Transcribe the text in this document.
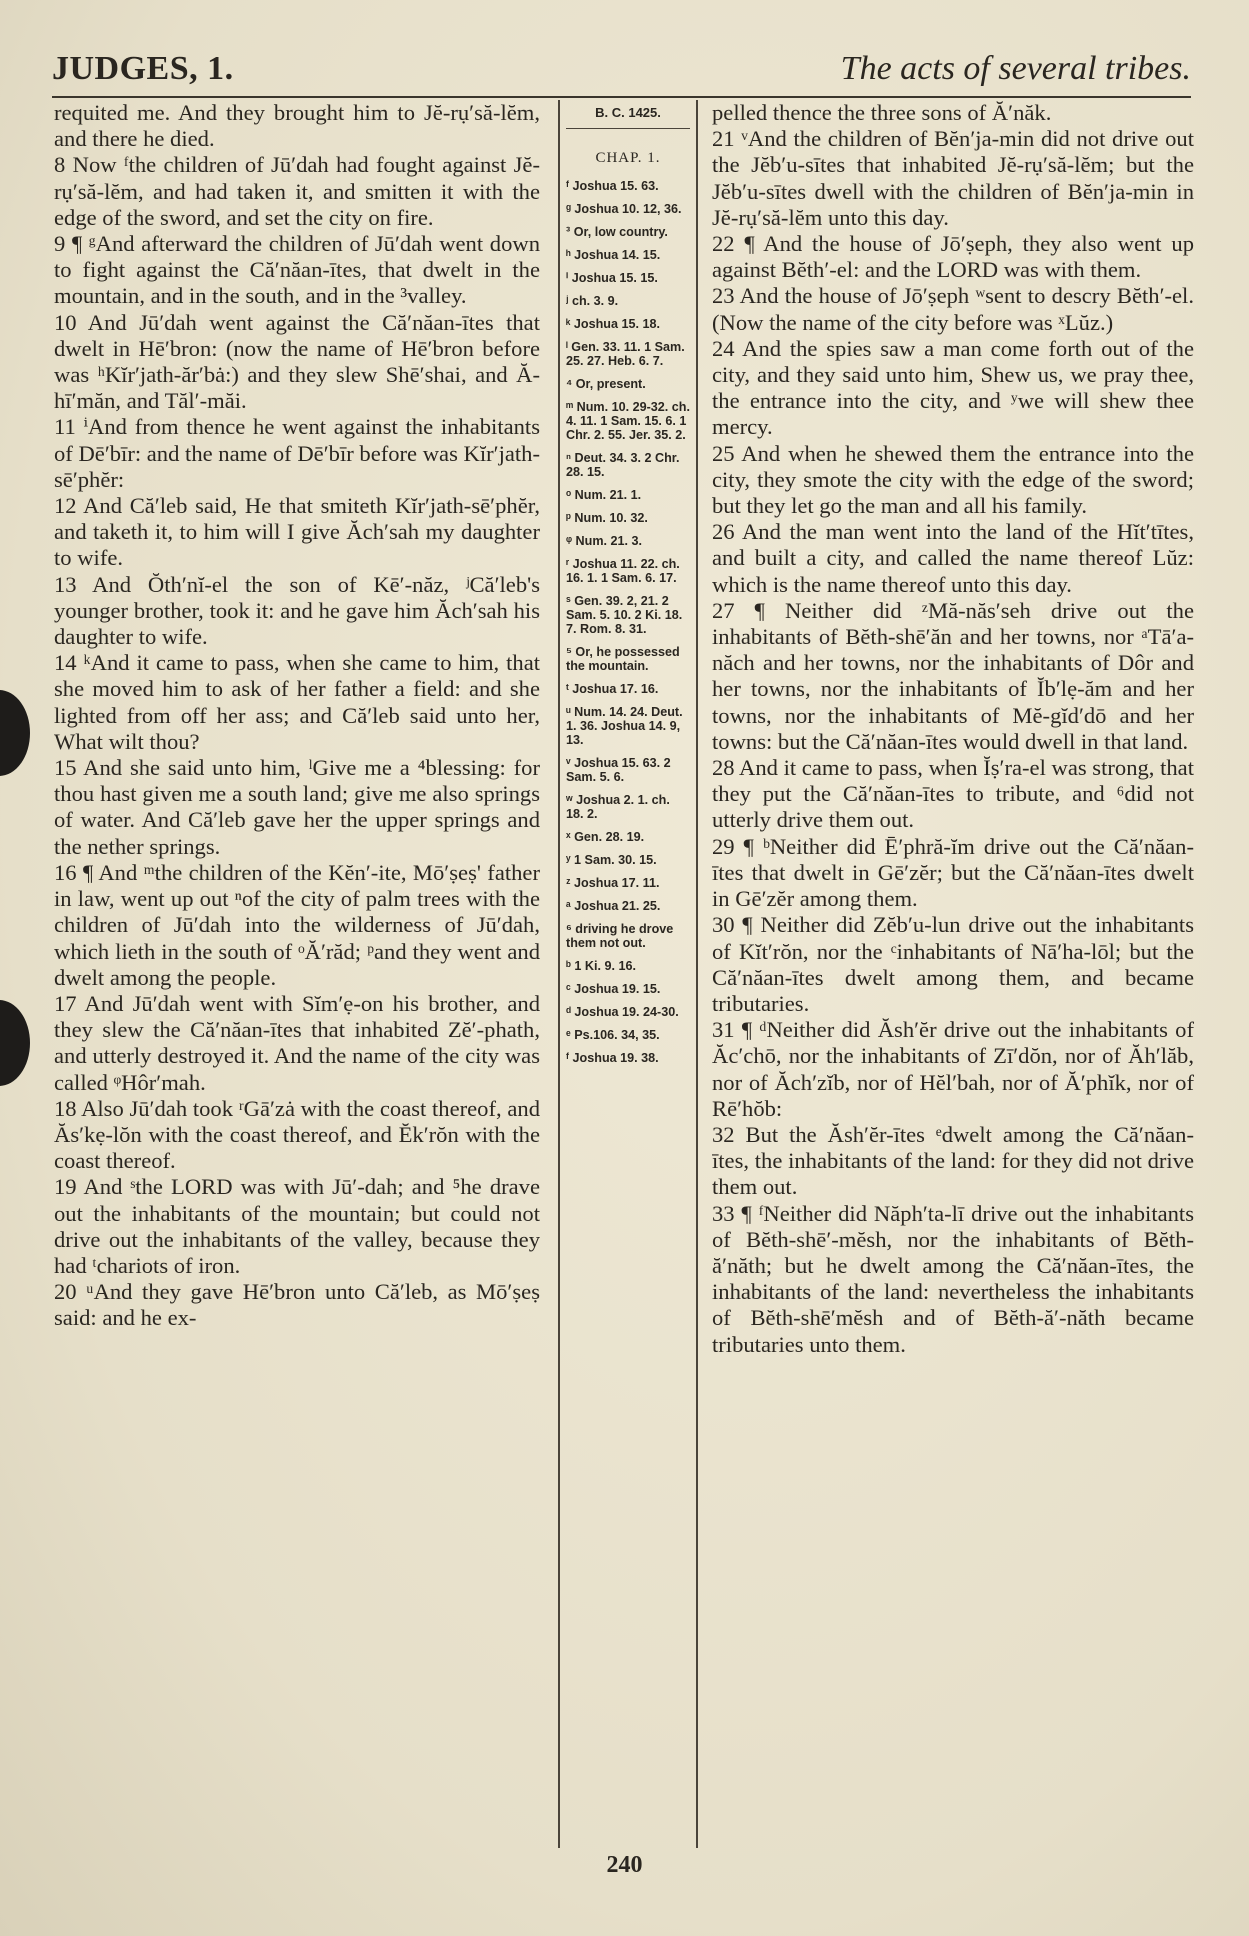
JUDGES, 1.	The acts of several tribes.

requited me. And they brought him to Jĕ-rụ′să-lĕm, and there he died.

8 Now ᶠthe children of Jū′dah had fought against Jĕ-rụ′să-lĕm, and had taken it, and smitten it with the edge of the sword, and set the city on fire.

9 ¶ ᵍAnd afterward the children of Jū′dah went down to fight against the Că′năan-ītes, that dwelt in the mountain, and in the south, and in the ³valley.

10 And Jū′dah went against the Că′năan-ītes that dwelt in Hē′bron: (now the name of Hē′bron before was ʰKĭr′jath-ăr′bȧ:) and they slew Shē′shai, and Ă-hī′măn, and Tăl′-măi.

11 ⁱAnd from thence he went against the inhabitants of Dē′bīr: and the name of Dē′bīr before was Kĭr′jath-sē′phĕr:

12 And Că′leb said, He that smiteth Kĭr′jath-sē′phĕr, and taketh it, to him will I give Ăch′sah my daughter to wife.

13 And Ŏth′nĭ-el the son of Kē′-năz, ʲCă′leb's younger brother, took it: and he gave him Ăch′sah his daughter to wife.

14 ᵏAnd it came to pass, when she came to him, that she moved him to ask of her father a field: and she lighted from off her ass; and Că′leb said unto her, What wilt thou?

15 And she said unto him, ˡGive me a ⁴blessing: for thou hast given me a south land; give me also springs of water. And Că′leb gave her the upper springs and the nether springs.

16 ¶ And ᵐthe children of the Kĕn′-ite, Mō′ṣeṣ' father in law, went up out ⁿof the city of palm trees with the children of Jū′dah into the wilderness of Jū′dah, which lieth in the south of ᵒĂ′răd; ᵖand they went and dwelt among the people.

17 And Jū′dah went with Sĭm′ẹ-on his brother, and they slew the Că′năan-ītes that inhabited Zĕ′-phath, and utterly destroyed it. And the name of the city was called ᵠHôr′mah.

18 Also Jū′dah took ʳGā′zȧ with the coast thereof, and Ăs′kẹ-lŏn with the coast thereof, and Ĕk′rŏn with the coast thereof.

19 And ˢthe LORD was with Jū′-dah; and ⁵he drave out the inhabitants of the mountain; but could not drive out the inhabitants of the valley, because they had ᵗchariots of iron.

20 ᵘAnd they gave Hē′bron unto Că′leb, as Mō′ṣeṣ said: and he ex-

B. C. 1425.
CHAP. 1.
ᶠ Joshua 15. 63.
ᵍ Joshua 10. 12, 36.
³ Or, low country.
ʰ Joshua 14. 15.
ⁱ Joshua 15. 15.
ʲ ch. 3. 9.
ᵏ Joshua 15. 18.
ˡ Gen. 33. 11. 1 Sam. 25. 27. Heb. 6. 7.
⁴ Or, present.
ᵐ Num. 10. 29-32. ch. 4. 11. 1 Sam. 15. 6. 1 Chr. 2. 55. Jer. 35. 2.
ⁿ Deut. 34. 3. 2 Chr. 28. 15.
ᵒ Num. 21. 1.
ᵖ Num. 10. 32.
ᵠ Num. 21. 3.
ʳ Joshua 11. 22. ch. 16. 1. 1 Sam. 6. 17.
ˢ Gen. 39. 2, 21. 2 Sam. 5. 10. 2 Ki. 18. 7. Rom. 8. 31.
⁵ Or, he possessed the mountain.
ᵗ Joshua 17. 16.
ᵘ Num. 14. 24. Deut. 1. 36. Joshua 14. 9, 13.
ᵛ Joshua 15. 63. 2 Sam. 5. 6.
ʷ Joshua 2. 1. ch. 18. 2.
ˣ Gen. 28. 19.
ʸ 1 Sam. 30. 15.
ᶻ Joshua 17. 11.
ᵃ Joshua 21. 25.
⁶ driving he drove them not out.
ᵇ 1 Ki. 9. 16.
ᶜ Joshua 19. 15.
ᵈ Joshua 19. 24-30.
ᵉ Ps.106. 34, 35.
ᶠ Joshua 19. 38.

pelled thence the three sons of Ă′năk.

21 ᵛAnd the children of Bĕn′ja-min did not drive out the Jĕb′u-sītes that inhabited Jĕ-rụ′să-lĕm; but the Jĕb′u-sītes dwell with the children of Bĕn′ja-min in Jĕ-rụ′să-lĕm unto this day.

22 ¶ And the house of Jō′ṣeph, they also went up against Bĕth′-el: and the LORD was with them.

23 And the house of Jō′ṣeph ʷsent to descry Bĕth′-el. (Now the name of the city before was ˣLŭz.)

24 And the spies saw a man come forth out of the city, and they said unto him, Shew us, we pray thee, the entrance into the city, and ʸwe will shew thee mercy.

25 And when he shewed them the entrance into the city, they smote the city with the edge of the sword; but they let go the man and all his family.

26 And the man went into the land of the Hĭt′tītes, and built a city, and called the name thereof Lŭz: which is the name thereof unto this day.

27 ¶ Neither did ᶻMă-năs′seh drive out the inhabitants of Bĕth-shē′ăn and her towns, nor ᵃTā′a-năch and her towns, nor the inhabitants of Dôr and her towns, nor the inhabitants of Ĭb′lẹ-ăm and her towns, nor the inhabitants of Mĕ-gĭd′dō and her towns: but the Că′năan-ītes would dwell in that land.

28 And it came to pass, when Ĭṣ′ra-el was strong, that they put the Că′năan-ītes to tribute, and ⁶did not utterly drive them out.

29 ¶ ᵇNeither did Ē′phră-ĭm drive out the Că′năan-ītes that dwelt in Gē′zĕr; but the Că′năan-ītes dwelt in Gē′zĕr among them.

30 ¶ Neither did Zĕb′u-lun drive out the inhabitants of Kĭt′rŏn, nor the ᶜinhabitants of Nā′ha-lōl; but the Că′năan-ītes dwelt among them, and became tributaries.

31 ¶ ᵈNeither did Ăsh′ĕr drive out the inhabitants of Ăc′chō, nor the inhabitants of Zī′dŏn, nor of Ăh′lăb, nor of Ăch′zĭb, nor of Hĕl′bah, nor of Ă′phĭk, nor of Rē′hŏb:

32 But the Ăsh′ĕr-ītes ᵉdwelt among the Că′năan-ītes, the inhabitants of the land: for they did not drive them out.

33 ¶ ᶠNeither did Năph′ta-lī drive out the inhabitants of Bĕth-shē′-mĕsh, nor the inhabitants of Bĕth-ă′năth; but he dwelt among the Că′năan-ītes, the inhabitants of the land: nevertheless the inhabitants of Bĕth-shē′mĕsh and of Bĕth-ă′-năth became tributaries unto them.

240
